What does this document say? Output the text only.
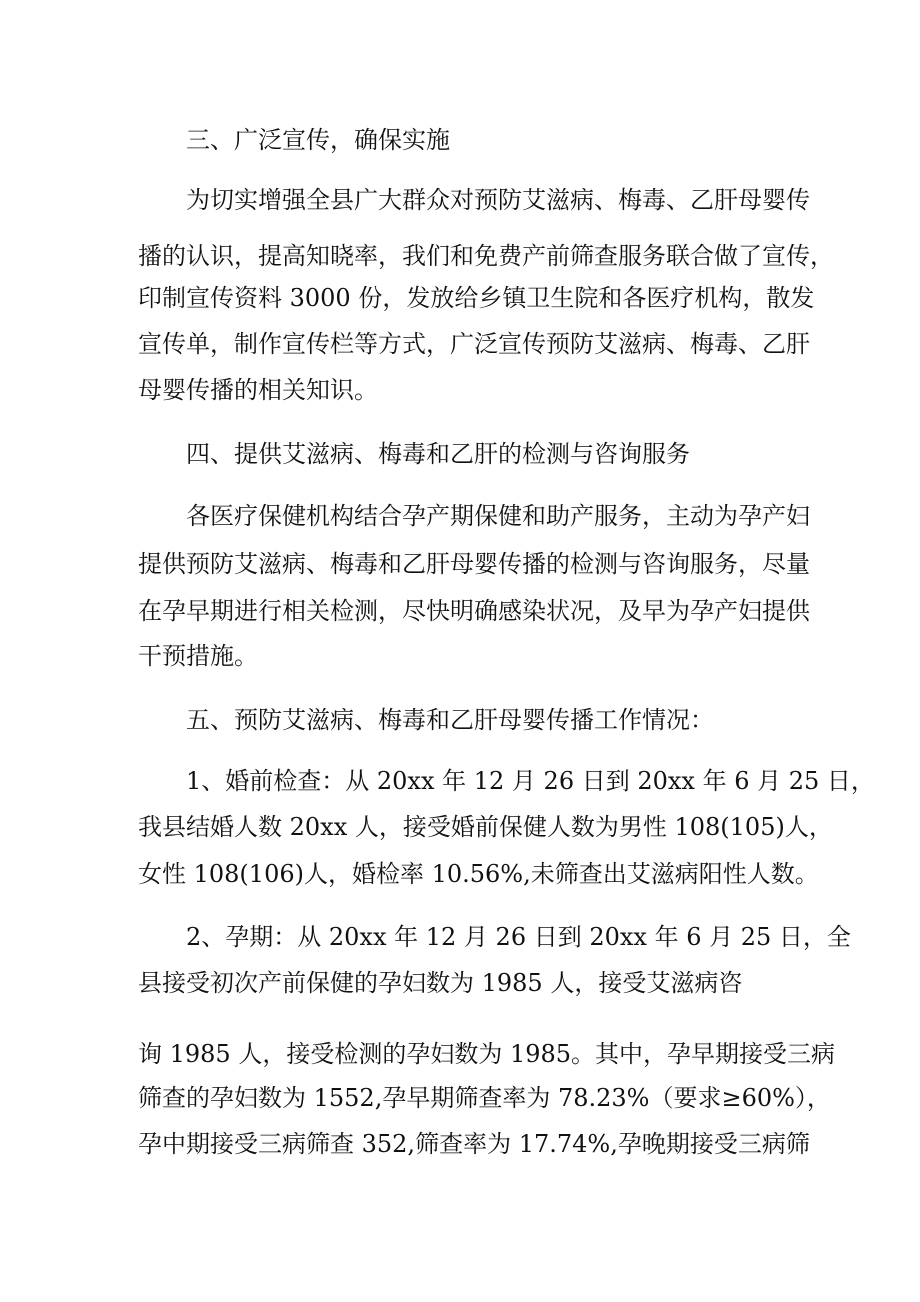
三、广泛宣传，确保实施
为切实增强全县广大群众对预防艾滋病、梅毒、乙肝母婴传
播的认识，提高知晓率，我们和免费产前筛查服务联合做了宣传，
印制宣传资料 3000 份，发放给乡镇卫生院和各医疗机构，散发
宣传单，制作宣传栏等方式，广泛宣传预防艾滋病、梅毒、乙肝
母婴传播的相关知识。
四、提供艾滋病、梅毒和乙肝的检测与咨询服务
各医疗保健机构结合孕产期保健和助产服务，主动为孕产妇
提供预防艾滋病、梅毒和乙肝母婴传播的检测与咨询服务，尽量
在孕早期进行相关检测，尽快明确感染状况，及早为孕产妇提供
干预措施。
五、预防艾滋病、梅毒和乙肝母婴传播工作情况：
1、婚前检查：从 20xx 年 12 月 26 日到 20xx 年 6 月 25 日，
我县结婚人数 20xx 人，接受婚前保健人数为男性 108(105)人，
女性 108(106)人，婚检率 10.56%,未筛查出艾滋病阳性人数。
2、孕期：从 20xx 年 12 月 26 日到 20xx 年 6 月 25 日，全
县接受初次产前保健的孕妇数为 1985 人，接受艾滋病咨
询 1985 人，接受检测的孕妇数为 1985。其中，孕早期接受三病
筛查的孕妇数为 1552,孕早期筛查率为 78.23%（要求≥60%），
孕中期接受三病筛查 352,筛查率为 17.74%,孕晚期接受三病筛
